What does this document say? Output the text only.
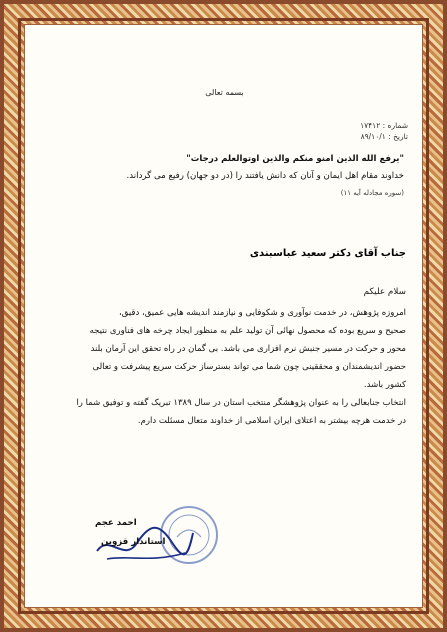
بسمه تعالی
شماره : ۱۷۴۱۲
تاریخ : ۸۹/۱۰/۱
"یرفع الله الذین امنو منکم والذین اوتوالعلم درجات"
خداوند مقام اهل ایمان و آنان که دانش یافتند را (در دو جهان) رفیع می گرداند.
(سوره مجادله آیه ۱۱)
جناب آقای دکتر سعید عباسبندی
سلام علیکم
امروزه پژوهش، در خدمت نوآوری و شکوفایی و نیازمند اندیشه هایی عمیق، دقیق،
صحیح و سریع بوده که محصول نهائی آن تولید علم به منظور ایجاد چرخه های فناوری نتیجه
محور و حرکت در مسیر جنبش نرم افزاری می باشد. بی گمان در راه تحقق این آرمان بلند
حضور اندیشمندان و محققینی چون شما می تواند بسترساز حرکت سریع پیشرفت و تعالی
کشور باشد.
انتخاب جنابعالی را به عنوان پژوهشگر منتخب استان در سال ۱۳۸۹ تبریک گفته و توفیق شما را
در خدمت هرچه بیشتر به اعتلای ایران اسلامی از خداوند متعال مسئلت دارم.
احمد عجم
استاندار قزوین
